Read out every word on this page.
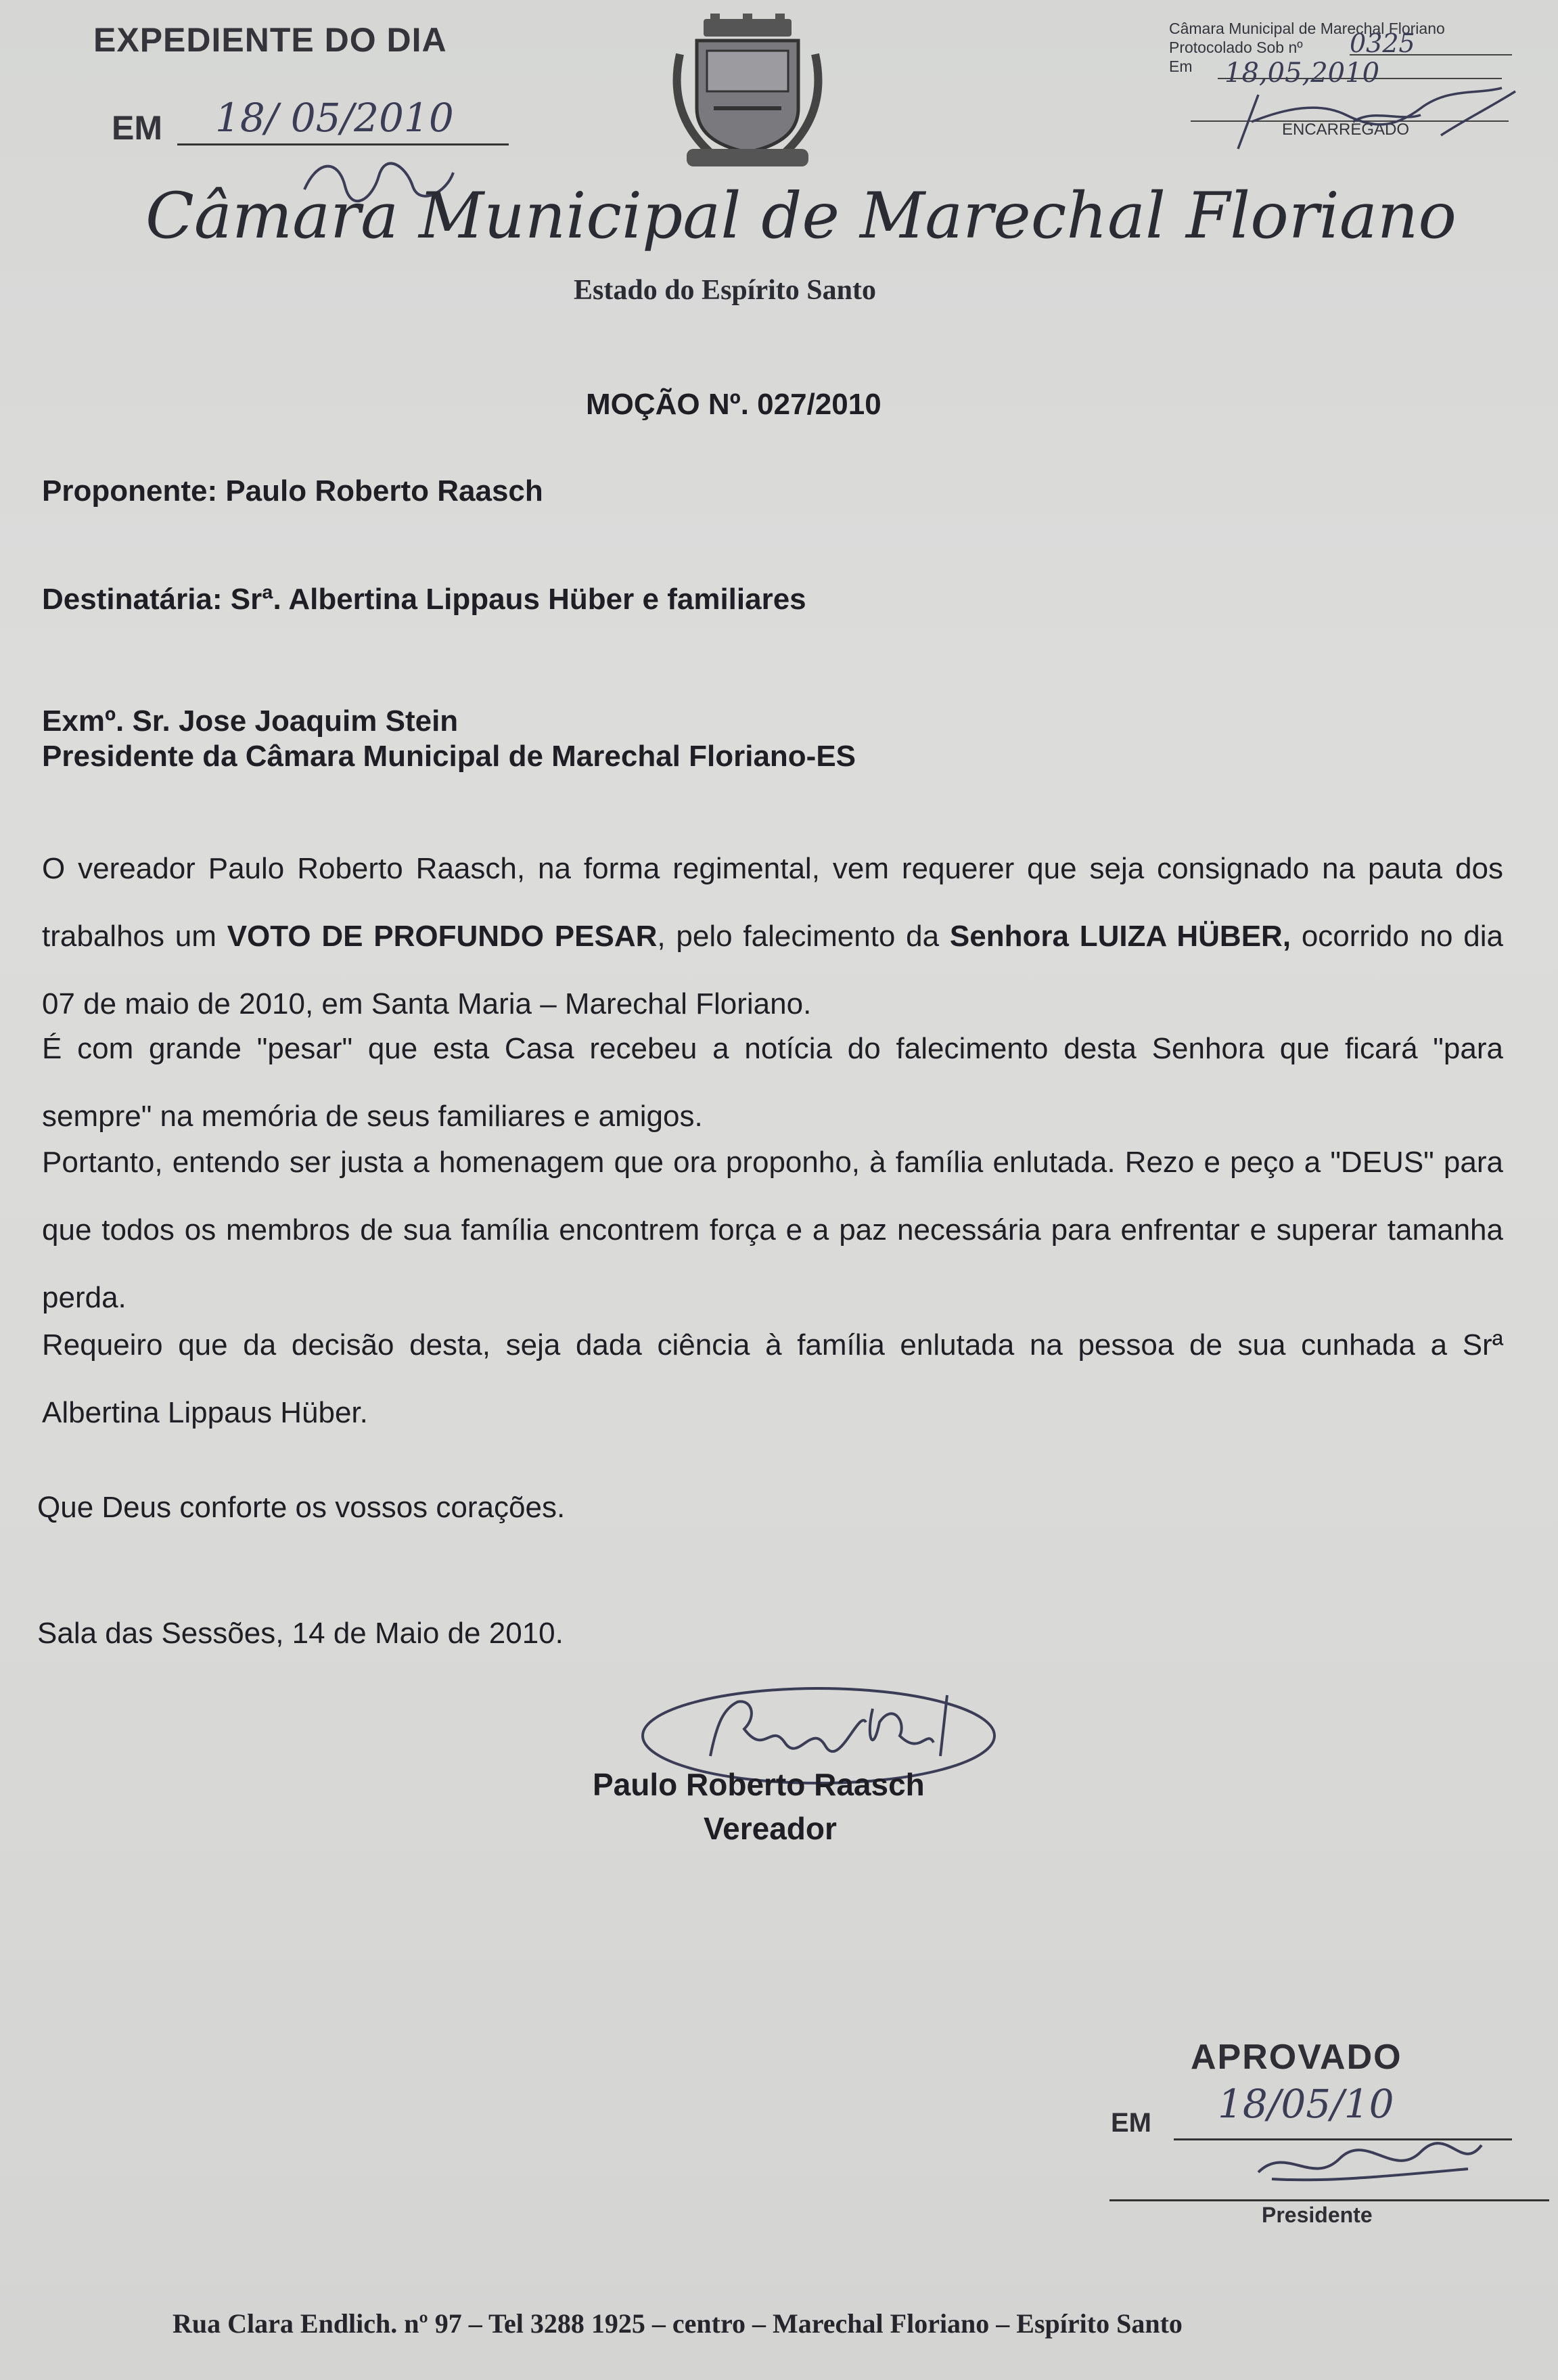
EXPEDIENTE DO DIA
EM 18/ 05/2010
Câmara Municipal de Marechal Floriano
Protocolado Sob nº
Em
0325
18,05,2010
ENCARREGADO
Câmara Municipal de Marechal Floriano
Estado do Espírito Santo
MOÇÃO Nº. 027/2010
Proponente: Paulo Roberto Raasch
Destinatária: Srª. Albertina Lippaus Hüber e familiares
Exmº. Sr. Jose Joaquim Stein
Presidente da Câmara Municipal de Marechal Floriano-ES
O vereador Paulo Roberto Raasch, na forma regimental, vem requerer que seja consignado na pauta dos trabalhos um VOTO DE PROFUNDO PESAR, pelo falecimento da Senhora LUIZA HÜBER, ocorrido no dia 07 de maio de 2010, em Santa Maria – Marechal Floriano.
É com grande "pesar" que esta Casa recebeu a notícia do falecimento desta Senhora que ficará "para sempre" na memória de seus familiares e amigos.
Portanto, entendo ser justa a homenagem que ora proponho, à família enlutada. Rezo e peço a "DEUS" para que todos os membros de sua família encontrem força e a paz necessária para enfrentar e superar tamanha perda.
Requeiro que da decisão desta, seja dada ciência à família enlutada na pessoa de sua cunhada a Srª Albertina Lippaus Hüber.
Que Deus conforte os vossos corações.
Sala das Sessões, 14 de Maio de 2010.
Paulo Roberto Raasch
Vereador
APROVADO
EM 18/05/10
Presidente
Rua Clara Endlich. nº 97 – Tel 3288 1925 – centro – Marechal Floriano – Espírito Santo
